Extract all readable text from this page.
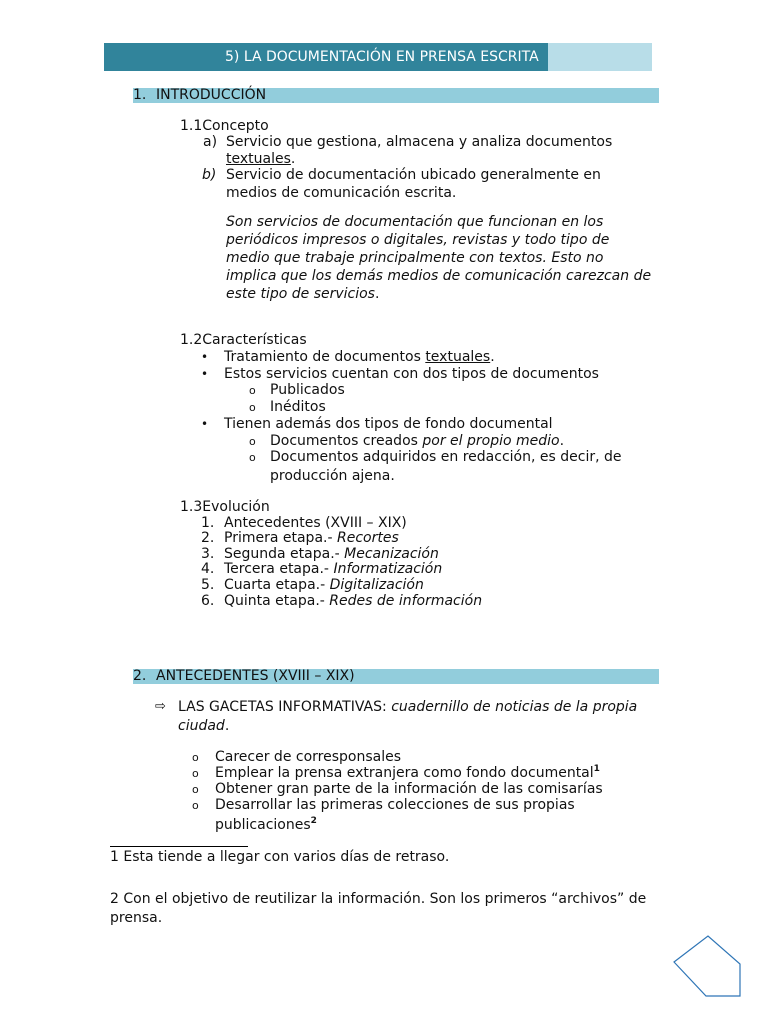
5) LA DOCUMENTACIÓN EN PRENSA ESCRITA
1. INTRODUCCIÓN
1.1Concepto
a) Servicio que gestiona, almacena y analiza documentos
textuales.
b) Servicio de documentación ubicado generalmente en
medios de comunicación escrita.
Son servicios de documentación que funcionan en los
periódicos impresos o digitales, revistas y todo tipo de
medio que trabaje principalmente con textos. Esto no
implica que los demás medios de comunicación carezcan de
este tipo de servicios.
1.2Características
• Tratamiento de documentos textuales.
• Estos servicios cuentan con dos tipos de documentos
o Publicados
o Inéditos
• Tienen además dos tipos de fondo documental
o Documentos creados por el propio medio.
o Documentos adquiridos en redacción, es decir, de
producción ajena.
1.3Evolución
1. Antecedentes (XVIII – XIX)
2. Primera etapa.- Recortes
3. Segunda etapa.- Mecanización
4. Tercera etapa.- Informatización
5. Cuarta etapa.- Digitalización
6. Quinta etapa.- Redes de información
2. ANTECEDENTES (XVIII – XIX)
⇨ LAS GACETAS INFORMATIVAS: cuadernillo de noticias de la propia
ciudad.
o Carecer de corresponsales
o Emplear la prensa extranjera como fondo documental$^1$
o Obtener gran parte de la información de las comisarías
o Desarrollar las primeras colecciones de sus propias
publicaciones$^2$
1 Esta tiende a llegar con varios días de retraso.
2 Con el objetivo de reutilizar la información. Son los primeros “archivos” de
prensa.
